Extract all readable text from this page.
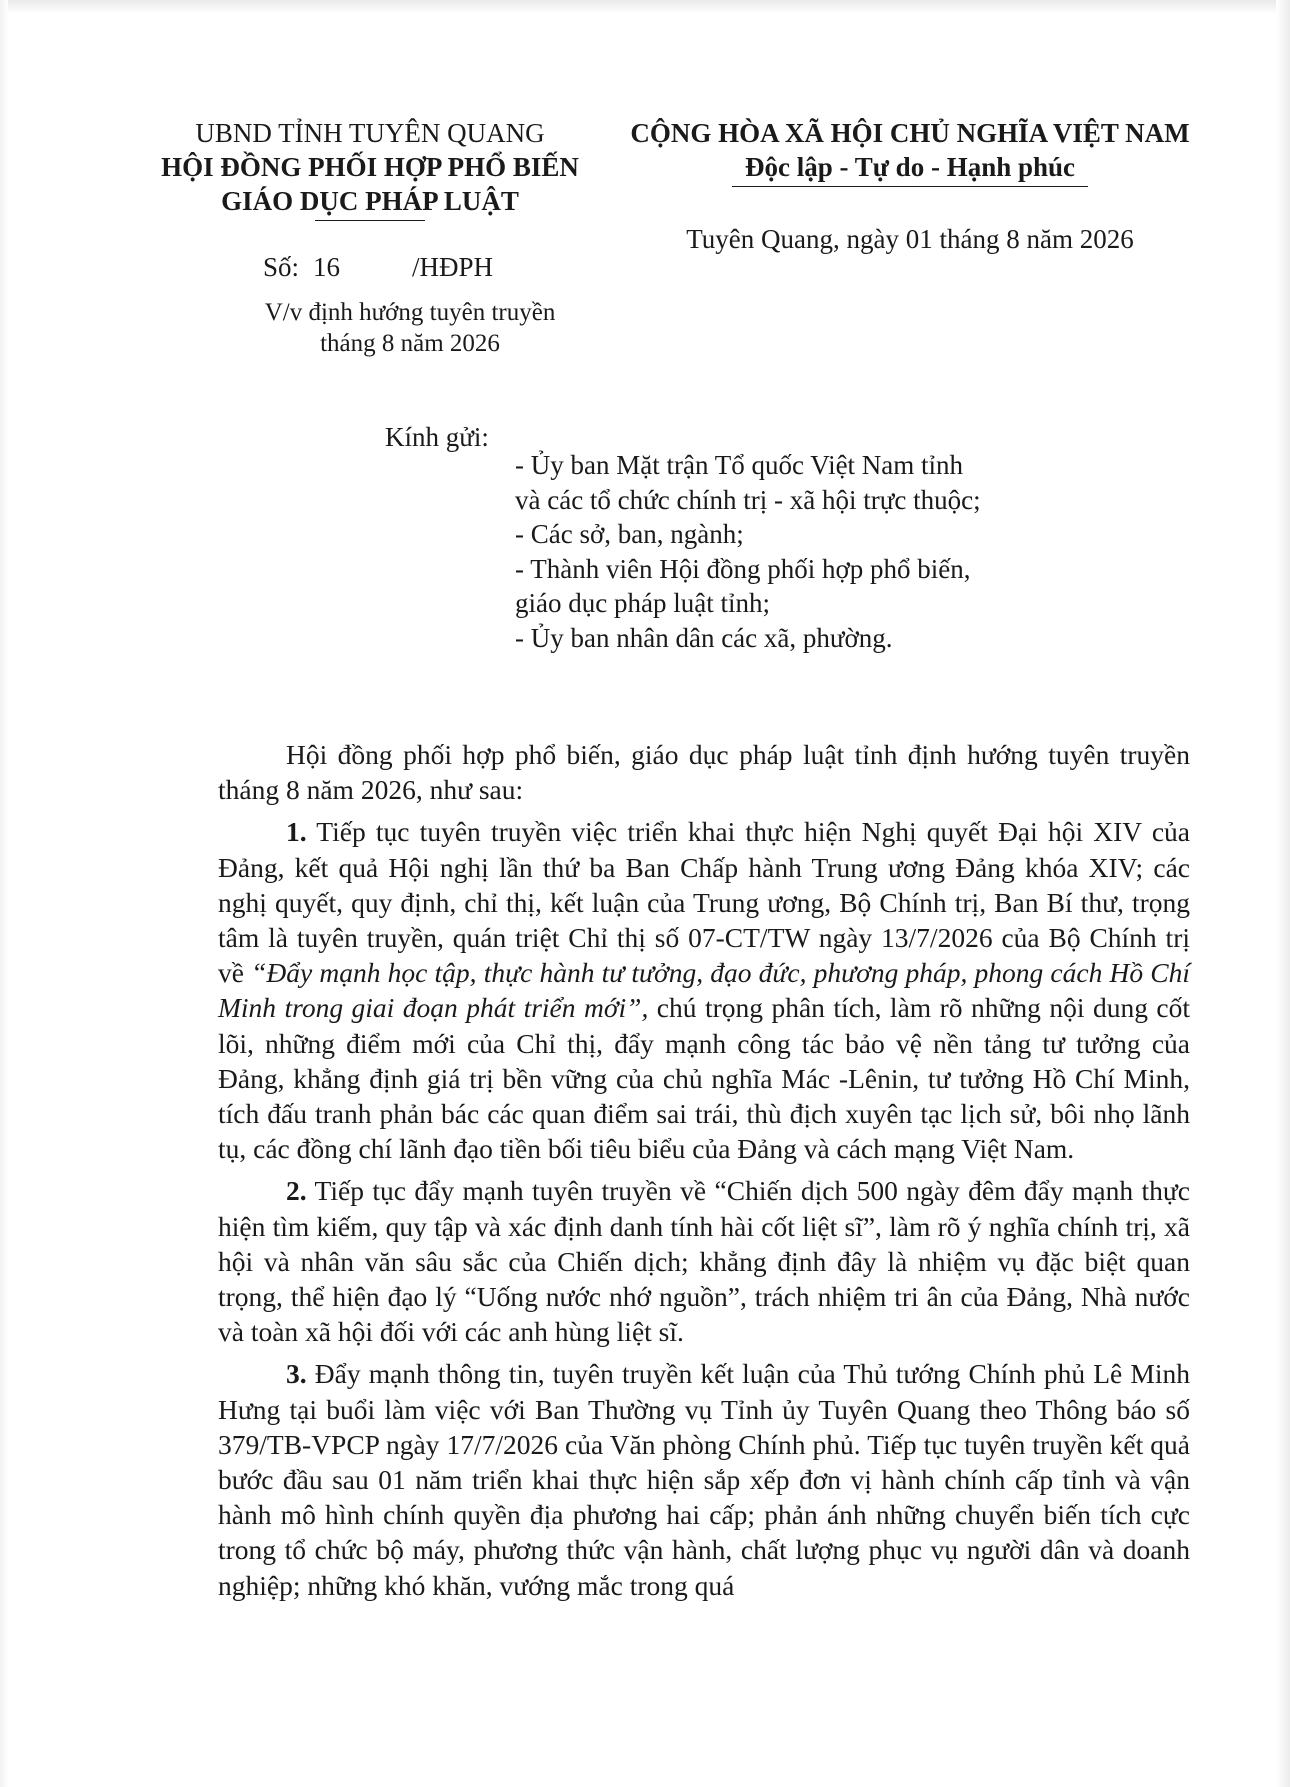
UBND TỈNH TUYÊN QUANG
HỘI ĐỒNG PHỐI HỢP PHỔ BIẾN
GIÁO DỤC PHÁP LUẬT
CỘNG HÒA XÃ HỘI CHỦ NGHĨA VIỆT NAM
Độc lập - Tự do - Hạnh phúc
Tuyên Quang, ngày 01 tháng 8 năm 2026
Số: 16	/HĐPH
V/v định hướng tuyên truyền
tháng 8 năm 2026
Kính gửi:
- Ủy ban Mặt trận Tổ quốc Việt Nam tỉnh
và các tổ chức chính trị - xã hội trực thuộc;
- Các sở, ban, ngành;
- Thành viên Hội đồng phối hợp phổ biến,
giáo dục pháp luật tỉnh;
- Ủy ban nhân dân các xã, phường.

Hội đồng phối hợp phổ biến, giáo dục pháp luật tỉnh định hướng tuyên truyền tháng 8 năm 2026, như sau:

1. Tiếp tục tuyên truyền việc triển khai thực hiện Nghị quyết Đại hội XIV của Đảng, kết quả Hội nghị lần thứ ba Ban Chấp hành Trung ương Đảng khóa XIV; các nghị quyết, quy định, chỉ thị, kết luận của Trung ương, Bộ Chính trị, Ban Bí thư, trọng tâm là tuyên truyền, quán triệt Chỉ thị số 07-CT/TW ngày 13/7/2026 của Bộ Chính trị về “Đẩy mạnh học tập, thực hành tư tưởng, đạo đức, phương pháp, phong cách Hồ Chí Minh trong giai đoạn phát triển mới”, chú trọng phân tích, làm rõ những nội dung cốt lõi, những điểm mới của Chỉ thị, đẩy mạnh công tác bảo vệ nền tảng tư tưởng của Đảng, khẳng định giá trị bền vững của chủ nghĩa Mác -Lênin, tư tưởng Hồ Chí Minh, tích đấu tranh phản bác các quan điểm sai trái, thù địch xuyên tạc lịch sử, bôi nhọ lãnh tụ, các đồng chí lãnh đạo tiền bối tiêu biểu của Đảng và cách mạng Việt Nam.

2. Tiếp tục đẩy mạnh tuyên truyền về “Chiến dịch 500 ngày đêm đẩy mạnh thực hiện tìm kiếm, quy tập và xác định danh tính hài cốt liệt sĩ”, làm rõ ý nghĩa chính trị, xã hội và nhân văn sâu sắc của Chiến dịch; khẳng định đây là nhiệm vụ đặc biệt quan trọng, thể hiện đạo lý “Uống nước nhớ nguồn”, trách nhiệm tri ân của Đảng, Nhà nước và toàn xã hội đối với các anh hùng liệt sĩ.

3. Đẩy mạnh thông tin, tuyên truyền kết luận của Thủ tướng Chính phủ Lê Minh Hưng tại buổi làm việc với Ban Thường vụ Tỉnh ủy Tuyên Quang theo Thông báo số 379/TB-VPCP ngày 17/7/2026 của Văn phòng Chính phủ. Tiếp tục tuyên truyền kết quả bước đầu sau 01 năm triển khai thực hiện sắp xếp đơn vị hành chính cấp tỉnh và vận hành mô hình chính quyền địa phương hai cấp; phản ánh những chuyển biến tích cực trong tổ chức bộ máy, phương thức vận hành, chất lượng phục vụ người dân và doanh nghiệp; những khó khăn, vướng mắc trong quá
